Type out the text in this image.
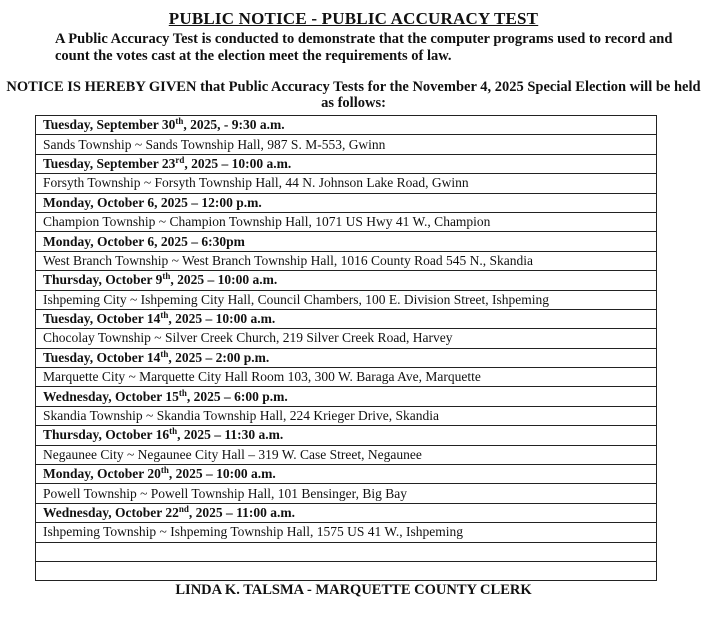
PUBLIC NOTICE - PUBLIC ACCURACY TEST
A Public Accuracy Test is conducted to demonstrate that the computer programs used to record and count the votes cast at the election meet the requirements of law.
NOTICE IS HEREBY GIVEN that Public Accuracy Tests for the November 4, 2025 Special Election will be held as follows:
Tuesday, September 30th, 2025, - 9:30 a.m.
Sands Township ~ Sands Township Hall, 987 S. M-553, Gwinn
Tuesday, September 23rd, 2025 – 10:00 a.m.
Forsyth Township ~ Forsyth Township Hall, 44 N. Johnson Lake Road, Gwinn
Monday, October 6, 2025 – 12:00 p.m.
Champion Township ~ Champion Township Hall, 1071 US Hwy 41 W., Champion
Monday, October 6, 2025 – 6:30pm
West Branch Township ~ West Branch Township Hall, 1016 County Road 545 N., Skandia
Thursday, October 9th, 2025 – 10:00 a.m.
Ishpeming City ~ Ishpeming City Hall, Council Chambers, 100 E. Division Street, Ishpeming
Tuesday, October 14th, 2025 – 10:00 a.m.
Chocolay Township ~ Silver Creek Church, 219 Silver Creek Road, Harvey
Tuesday, October 14th, 2025 – 2:00 p.m.
Marquette City ~ Marquette City Hall Room 103, 300 W. Baraga Ave, Marquette
Wednesday, October 15th, 2025 – 6:00 p.m.
Skandia Township ~ Skandia Township Hall, 224 Krieger Drive, Skandia
Thursday, October 16th, 2025 – 11:30 a.m.
Negaunee City ~ Negaunee City Hall – 319 W. Case Street, Negaunee
Monday, October 20th, 2025 – 10:00 a.m.
Powell Township ~ Powell Township Hall, 101 Bensinger, Big Bay
Wednesday, October 22nd, 2025 – 11:00 a.m.
Ishpeming Township ~ Ishpeming Township Hall, 1575 US 41 W., Ishpeming

LINDA K. TALSMA - MARQUETTE COUNTY CLERK
